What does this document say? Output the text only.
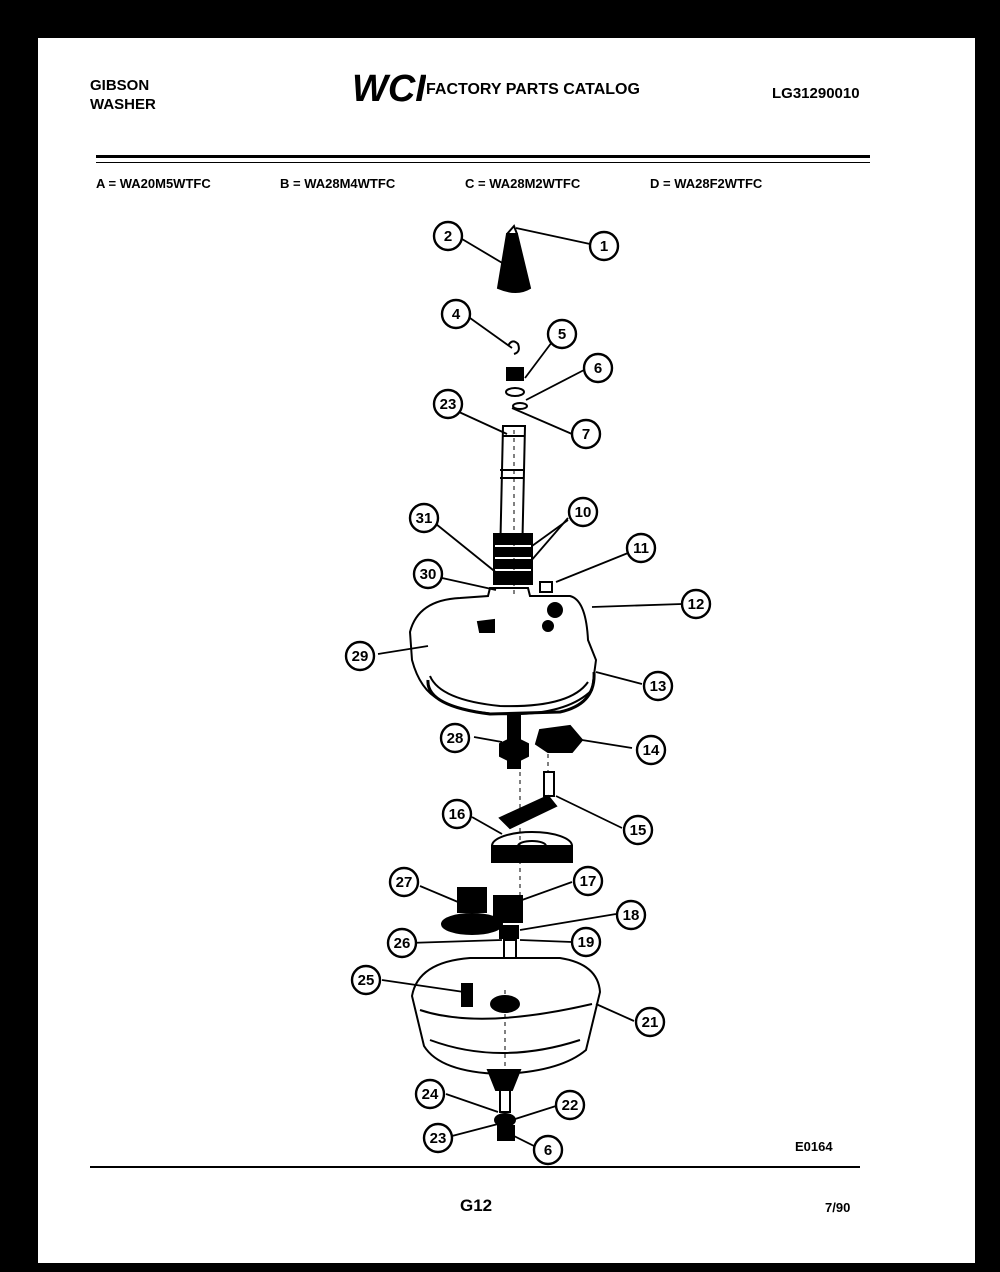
GIBSON
WASHER	WCI FACTORY PARTS CATALOG	LG31290010
A = WA20M5WTFC	B = WA28M4WTFC	C = WA28M2WTFC	D = WA28F2WTFC
1
2
4
5
6
23
7
10
31
11
30
12
29
13
28
14
15
16
17
27
18
26	19
25
21
24
22
23
6	E0164
G12	7/90
